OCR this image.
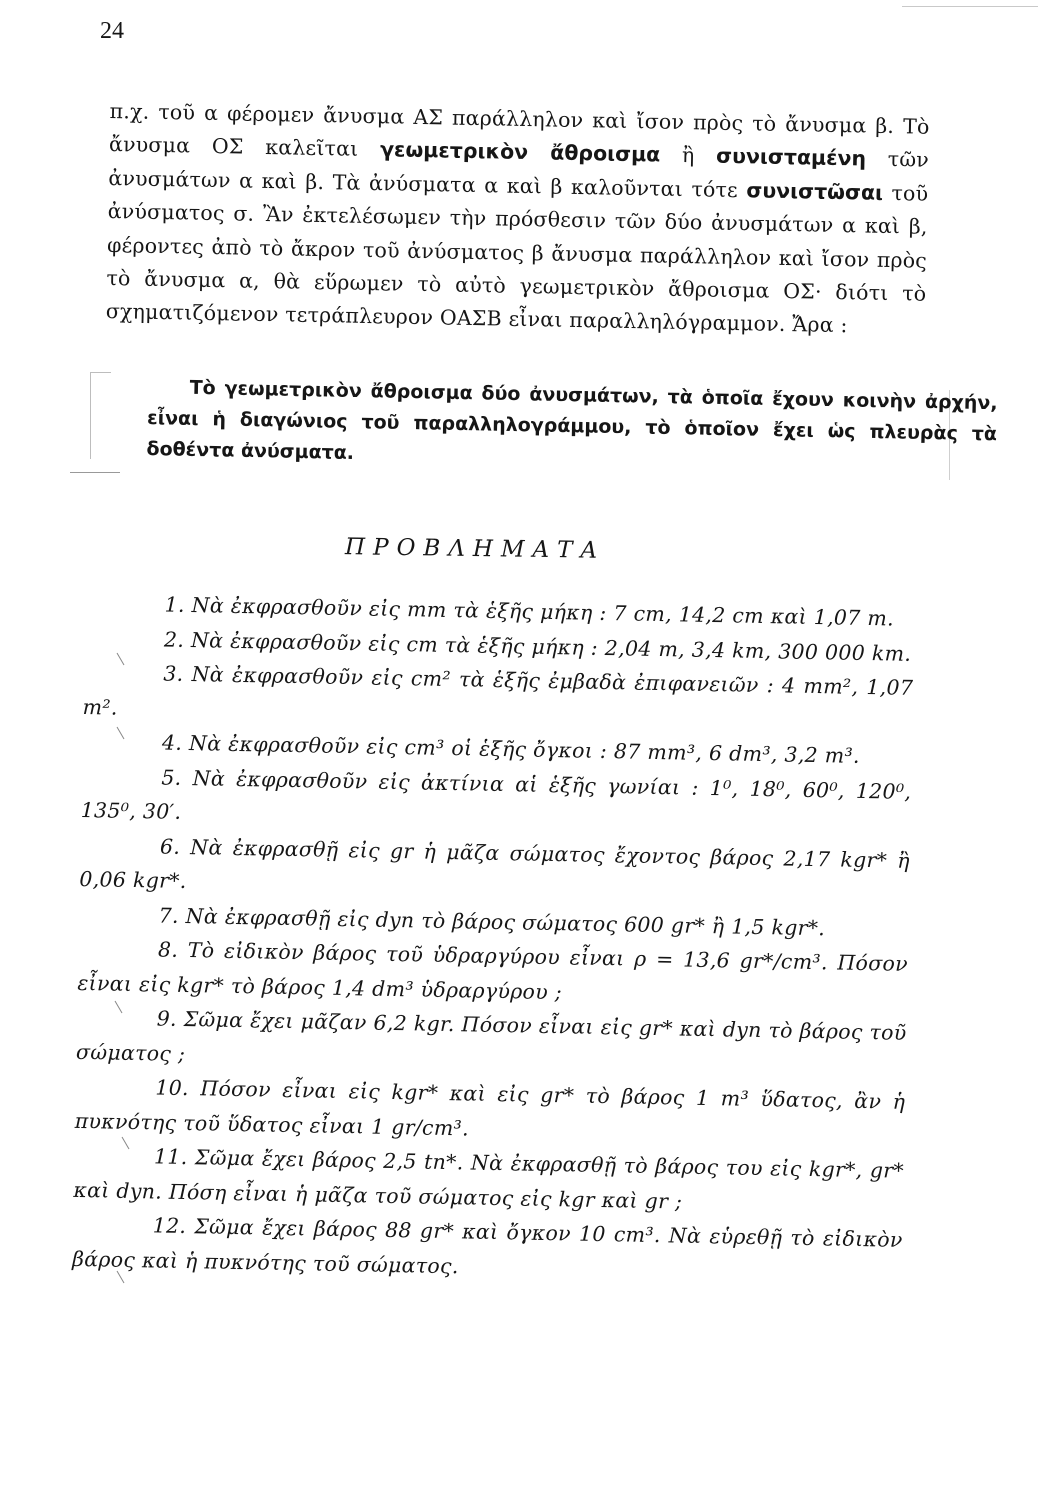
24

π.χ. τοῦ α φέρομεν ἄνυσμα ΑΣ παράλληλον καὶ ἴσον πρὸς τὸ ἄνυσμα β. Τὸ ἄνυσμα ΟΣ καλεῖται γεωμετρικὸν ἄθροισμα ἢ συνισταμένη τῶν ἀνυσμάτων α καὶ β. Τὰ ἀνύσματα α καὶ β καλοῦνται τότε συνιστῶσαι τοῦ ἀνύσματος σ. Ἂν ἐκτελέσωμεν τὴν πρόσθεσιν τῶν δύο ἀνυσμάτων α καὶ β, φέροντες ἀπὸ τὸ ἄκρον τοῦ ἀνύσματος β ἄνυσμα παράλληλον καὶ ἴσον πρὸς τὸ ἄνυσμα α, θὰ εὕρωμεν τὸ αὐτὸ γεωμετρικὸν ἄθροισμα ΟΣ· διότι τὸ σχηματιζόμενον τετράπλευρον ΟΑΣΒ εἶναι παραλληλόγραμμον. Ἄρα :

Τὸ γεωμετρικὸν ἄθροισμα δύο ἀνυσμάτων, τὰ ὁποῖα ἔχουν κοινὴν ἀρχήν, εἶναι ἡ διαγώνιος τοῦ παραλληλογράμμου, τὸ ὁποῖον ἔχει ὡς πλευρὰς τὰ δοθέντα ἀνύσματα.

ΠΡΟΒΛΗΜΑΤΑ

1. Νὰ ἐκφρασθοῦν εἰς mm τὰ ἑξῆς μήκη : 7 cm, 14,2 cm καὶ 1,07 m.

2. Νὰ ἐκφρασθοῦν εἰς cm τὰ ἑξῆς μήκη : 2,04 m, 3,4 km, 300 000 km.

3. Νὰ ἐκφρασθοῦν εἰς cm² τὰ ἑξῆς ἐμβαδὰ ἐπιφανειῶν : 4 mm², 1,07 m².

4. Νὰ ἐκφρασθοῦν εἰς cm³ οἱ ἑξῆς ὄγκοι : 87 mm³, 6 dm³, 3,2 m³.

5. Νὰ ἐκφρασθοῦν εἰς ἀκτίνια αἱ ἑξῆς γωνίαι : 1⁰, 18⁰, 60⁰, 120⁰, 135⁰, 30′.

6. Νὰ ἐκφρασθῇ εἰς gr ἡ μᾶζα σώματος ἔχοντος βάρος 2,17 kgr* ἢ 0,06 kgr*.

7. Νὰ ἐκφρασθῇ εἰς dyn τὸ βάρος σώματος 600 gr* ἢ 1,5 kgr*.

8. Τὸ εἰδικὸν βάρος τοῦ ὑδραργύρου εἶναι ρ = 13,6 gr*/cm³. Πόσον εἶναι εἰς kgr* τὸ βάρος 1,4 dm³ ὑδραργύρου ;

9. Σῶμα ἔχει μᾶζαν 6,2 kgr. Πόσον εἶναι εἰς gr* καὶ dyn τὸ βάρος τοῦ σώματος ;

10. Πόσον εἶναι εἰς kgr* καὶ εἰς gr* τὸ βάρος 1 m³ ὕδατος, ἂν ἡ πυκνότης τοῦ ὕδατος εἶναι 1 gr/cm³.

11. Σῶμα ἔχει βάρος 2,5 tn*. Νὰ ἐκφρασθῇ τὸ βάρος του εἰς kgr*, gr* καὶ dyn. Πόση εἶναι ἡ μᾶζα τοῦ σώματος εἰς kgr καὶ gr ;

12. Σῶμα ἔχει βάρος 88 gr* καὶ ὄγκον 10 cm³. Νὰ εὑρεθῇ τὸ εἰδικὸν βάρος καὶ ἡ πυκνότης τοῦ σώματος.
